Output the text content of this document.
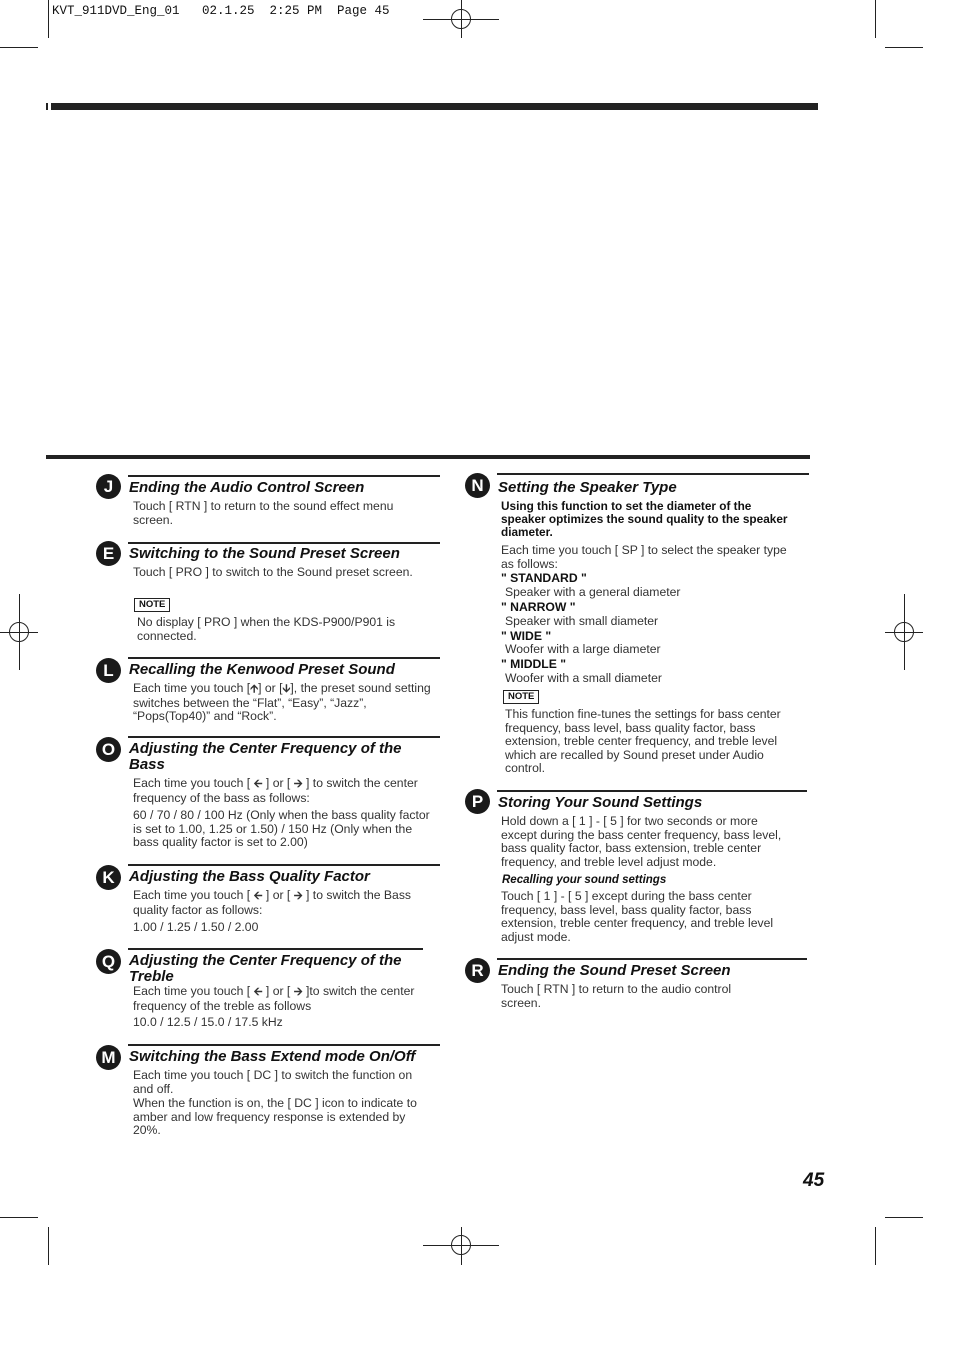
KVT_911DVD_Eng_01   02.1.25  2:25 PM  Page 45
J	Ending the Audio Control Screen
Touch [ RTN ] to return to the sound effect menu screen.
E Switching to the Sound Preset Screen
Touch [ PRO ] to switch to the Sound preset screen.
NOTE
No display [ PRO ] when the KDS-P900/P901 is connected.
L	Recalling the Kenwood Preset Sound
Each time you touch [🡩] or [🡫], the preset sound setting switches between the “Flat”, “Easy”, “Jazz”, “Pops(Top40)” and “Rock”.
O Adjusting the Center Frequency of the Bass
Each time you touch [ 🡨 ] or [ 🡪 ] to switch the center frequency of the bass as follows:
60 / 70 / 80 / 100 Hz (Only when the bass quality factor is set to 1.00, 1.25 or 1.50) / 150 Hz (Only when the bass quality factor is set to 2.00)
K Adjusting the Bass Quality Factor
Each time you touch [ 🡨 ] or [ 🡪 ] to switch the Bass quality factor as follows:
1.00 / 1.25 / 1.50 / 2.00
Q Adjusting the Center Frequency of the Treble
Each time you touch [ 🡨 ] or [ 🡪 ]to switch the center frequency of the treble as follows
10.0 / 12.5 / 15.0 / 17.5 kHz
M Switching the Bass Extend mode On/Off
Each time you touch [ DC ] to switch the function on and off.
When the function is on, the [ DC ] icon to indicate to amber and low frequency response is extended by 20%.
N Setting the Speaker Type
Using this function to set the diameter of the speaker optimizes the sound quality to the speaker diameter.
Each time you touch [ SP ] to select the speaker type as follows:
" STANDARD "
Speaker with a general diameter
" NARROW "
Speaker with small diameter
" WIDE "
Woofer with a large diameter
" MIDDLE "
Woofer with a small diameter
NOTE
This function fine-tunes the settings for bass center frequency, bass level, bass quality factor, bass extension, treble center frequency, and treble level which are recalled by Sound preset under Audio control.
P Storing Your Sound Settings
Hold down a [ 1 ] - [ 5 ] for two seconds or more except during the bass center frequency, bass level, bass quality factor, bass extension, treble center frequency, and treble level adjust mode.
Recalling your sound settings
Touch [ 1 ] - [ 5 ] except during the bass center frequency, bass level, bass quality factor, bass extension, treble center frequency, and treble level adjust mode.
R Ending the Sound Preset Screen
Touch [ RTN ] to return to the audio control screen.
45
